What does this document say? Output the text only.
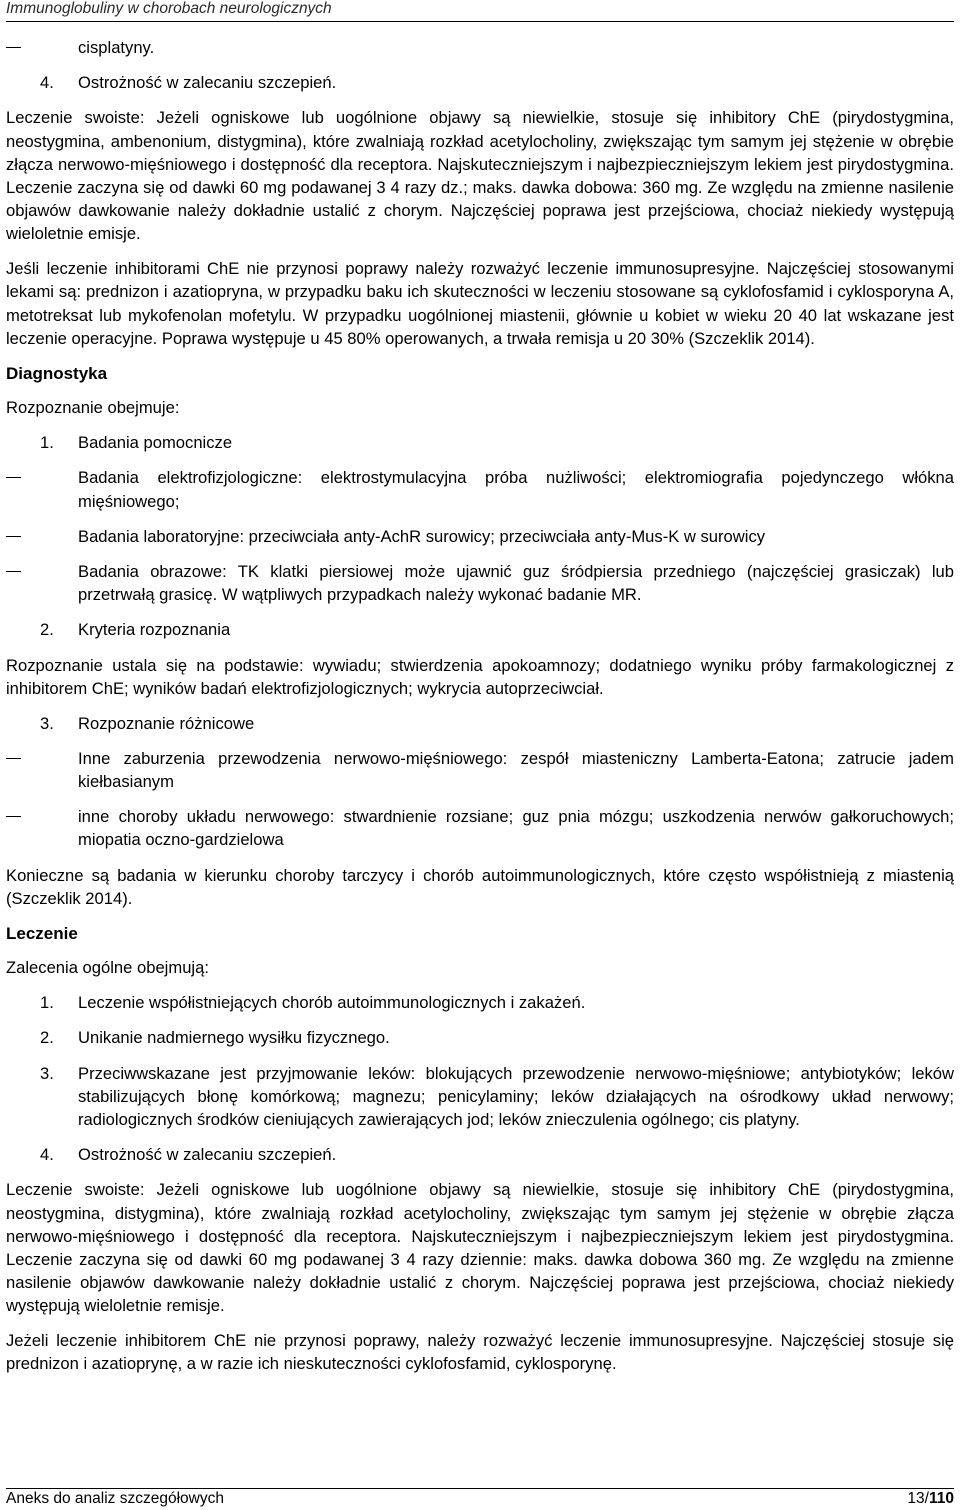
Immunoglobuliny w chorobach neurologicznych
cisplatyny.
4.	Ostrożność w zalecaniu szczepień.

Leczenie swoiste: Jeżeli ogniskowe lub uogólnione objawy są niewielkie, stosuje się inhibitory ChE (pirydostygmina, neostygmina, ambenonium, distygmina), które zwalniają rozkład acetylocholiny, zwiększając tym samym jej stężenie w obrębie złącza nerwowo-mięśniowego i dostępność dla receptora. Najskuteczniejszym i najbezpieczniejszym lekiem jest pirydostygmina. Leczenie zaczyna się od dawki 60 mg podawanej 3 4 razy dz.; maks. dawka dobowa: 360 mg. Ze względu na zmienne nasilenie objawów dawkowanie należy dokładnie ustalić z chorym. Najczęściej poprawa jest przejściowa, chociaż niekiedy występują wieloletnie emisje.

Jeśli leczenie inhibitorami ChE nie przynosi poprawy należy rozważyć leczenie immunosupresyjne. Najczęściej stosowanymi lekami są: prednizon i azatiopryna, w przypadku baku ich skuteczności w leczeniu stosowane są cyklofosfamid i cyklosporyna A, metotreksat lub mykofenolan mofetylu. W przypadku uogólnionej miastenii, głównie u kobiet w wieku 20 40 lat wskazane jest leczenie operacyjne. Poprawa występuje u 45 80% operowanych, a trwała remisja u 20 30% (Szczeklik 2014).

Diagnostyka

Rozpoznanie obejmuje:

1.	Badania pomocnicze
Badania elektrofizjologiczne: elektrostymulacyjna próba nużliwości; elektromiografia pojedynczego włókna mięśniowego;
Badania laboratoryjne: przeciwciała anty-AchR surowicy; przeciwciała anty-Mus-K w surowicy
Badania obrazowe: TK klatki piersiowej może ujawnić guz śródpiersia przedniego (najczęściej grasiczak) lub przetrwałą grasicę. W wątpliwych przypadkach należy wykonać badanie MR.
2.	Kryteria rozpoznania

Rozpoznanie ustala się na podstawie: wywiadu; stwierdzenia apokoamnozy; dodatniego wyniku próby farmakologicznej z inhibitorem ChE; wyników badań elektrofizjologicznych; wykrycia autoprzeciwciał.

3.	Rozpoznanie różnicowe
Inne zaburzenia przewodzenia nerwowo-mięśniowego: zespół miasteniczny Lamberta-Eatona; zatrucie jadem kiełbasianym
inne choroby układu nerwowego: stwardnienie rozsiane; guz pnia mózgu; uszkodzenia nerwów gałkoruchowych; miopatia oczno-gardzielowa

Konieczne są badania w kierunku choroby tarczycy i chorób autoimmunologicznych, które często współistnieją z miastenią (Szczeklik 2014).

Leczenie

Zalecenia ogólne obejmują:

1.	Leczenie współistniejących chorób autoimmunologicznych i zakażeń.
2.	Unikanie nadmiernego wysiłku fizycznego.
3.	Przeciwwskazane jest przyjmowanie leków: blokujących przewodzenie nerwowo-mięśniowe; antybiotyków; leków stabilizujących błonę komórkową; magnezu; penicylaminy; leków działających na ośrodkowy układ nerwowy; radiologicznych środków cieniujących zawierających jod; leków znieczulenia ogólnego; cis platyny.
4.	Ostrożność w zalecaniu szczepień.

Leczenie swoiste: Jeżeli ogniskowe lub uogólnione objawy są niewielkie, stosuje się inhibitory ChE (pirydostygmina, neostygmina, distygmina), które zwalniają rozkład acetylocholiny, zwiększając tym samym jej stężenie w obrębie złącza nerwowo-mięśniowego i dostępność dla receptora. Najskuteczniejszym i najbezpieczniejszym lekiem jest pirydostygmina. Leczenie zaczyna się od dawki 60 mg podawanej 3 4 razy dziennie: maks. dawka dobowa 360 mg. Ze względu na zmienne nasilenie objawów dawkowanie należy dokładnie ustalić z chorym. Najczęściej poprawa jest przejściowa, chociaż niekiedy występują wieloletnie remisje.

Jeżeli leczenie inhibitorem ChE nie przynosi poprawy, należy rozważyć leczenie immunosupresyjne. Najczęściej stosuje się prednizon i azatioprynę, a w razie ich nieskuteczności cyklofosfamid, cyklosporynę.

Aneks do analiz szczegółowych	13/110
